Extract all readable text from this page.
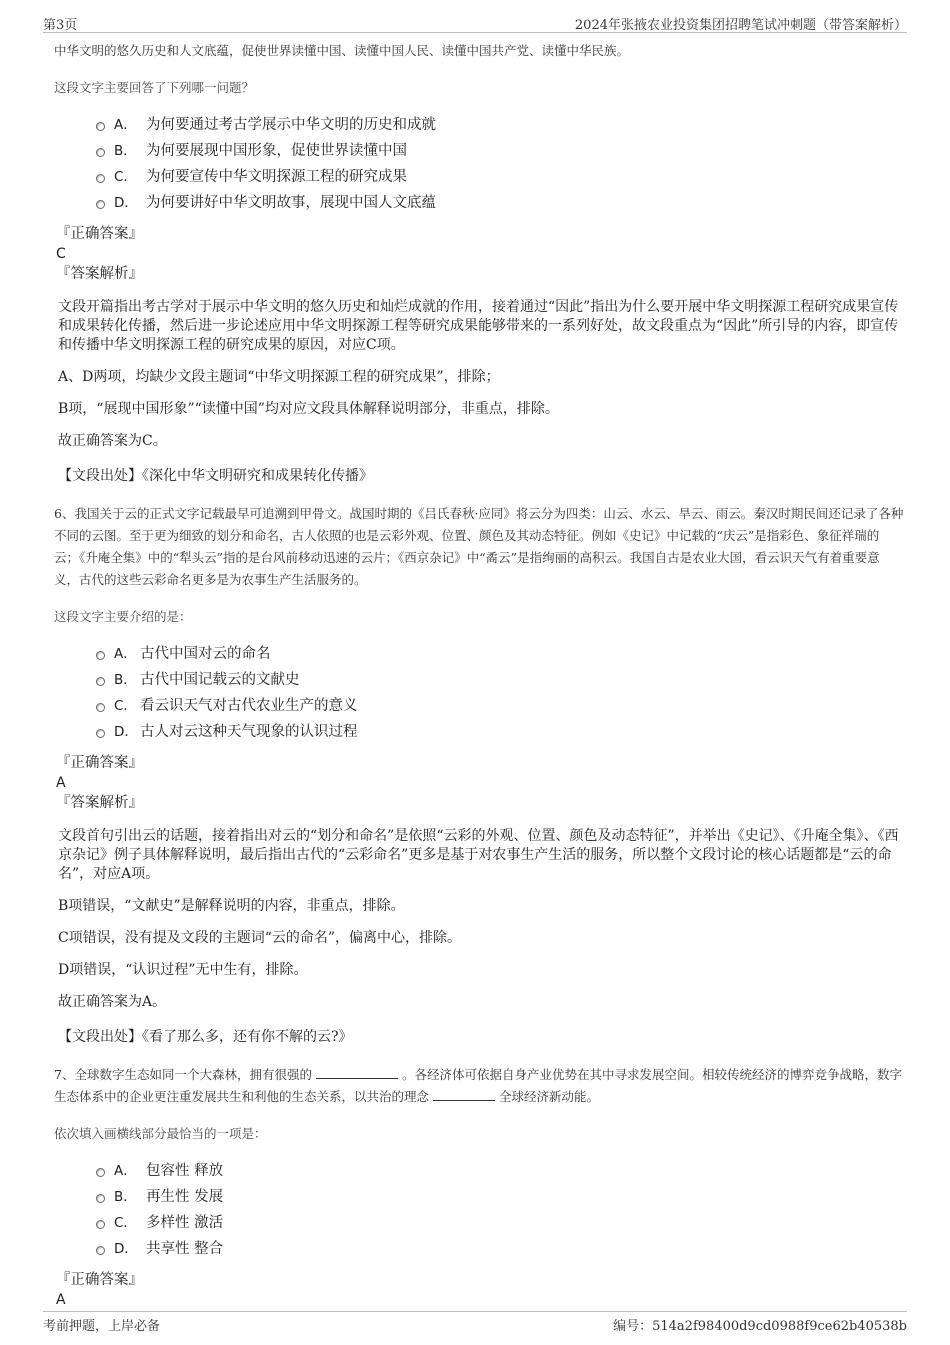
第3页	2024年张掖农业投资集团招聘笔试冲刺题（带答案解析）

中华文明的悠久历史和人文底蕴，促使世界读懂中国、读懂中国人民、读懂中国共产党、读懂中华民族。

这段文字主要回答了下列哪一问题？

A． 为何要通过考古学展示中华文明的历史和成就
B． 为何要展现中国形象，促使世界读懂中国
C． 为何要宣传中华文明探源工程的研究成果
D． 为何要讲好中华文明故事，展现中国人文底蕴
『正确答案』
C
『答案解析』

文段开篇指出考古学对于展示中华文明的悠久历史和灿烂成就的作用，接着通过“因此”指出为什么要开展中华文明探源工程研究成果宣传和成果转化传播，然后进一步论述应用中华文明探源工程等研究成果能够带来的一系列好处，故文段重点为“因此”所引导的内容，即宣传和传播中华文明探源工程的研究成果的原因，对应C项。

A、D两项，均缺少文段主题词“中华文明探源工程的研究成果”，排除；

B项，“展现中国形象”“读懂中国”均对应文段具体解释说明部分，非重点，排除。

故正确答案为C。

【文段出处】《深化中华文明研究和成果转化传播》

6、我国关于云的正式文字记载最早可追溯到甲骨文。战国时期的《吕氏春秋·应同》将云分为四类：山云、水云、旱云、雨云。秦汉时期民间还记录了各种不同的云图。至于更为细致的划分和命名，古人依照的也是云彩外观、位置、颜色及其动态特征。例如《史记》中记载的“庆云”是指彩色、象征祥瑞的云；《升庵全集》中的“犁头云”指的是台风前移动迅速的云片；《西京杂记》中“矞云”是指绚丽的高积云。我国自古是农业大国，看云识天气有着重要意义，古代的这些云彩命名更多是为农事生产生活服务的。

这段文字主要介绍的是：

A． 古代中国对云的命名
B． 古代中国记载云的文献史
C． 看云识天气对古代农业生产的意义
D． 古人对云这种天气现象的认识过程
『正确答案』
A
『答案解析』

文段首句引出云的话题，接着指出对云的“划分和命名”是依照“云彩的外观、位置、颜色及动态特征”，并举出《史记》、《升庵全集》、《西京杂记》例子具体解释说明，最后指出古代的“云彩命名”更多是基于对农事生产生活的服务，所以整个文段讨论的核心话题都是“云的命名”，对应A项。

B项错误，“文献史”是解释说明的内容，非重点，排除。

C项错误，没有提及文段的主题词“云的命名”，偏离中心，排除。

D项错误，“认识过程”无中生有，排除。

故正确答案为A。

【文段出处】《看了那么多，还有你不解的云?》

7、全球数字生态如同一个大森林，拥有很强的	。各经济体可依据自身产业优势在其中寻求发展空间。相较传统经济的博弈竞争战略，数字生态体系中的企业更注重发展共生和利他的生态关系，以共治的理念	全球经济新动能。

依次填入画横线部分最恰当的一项是：

A． 包容性 释放
B． 再生性 发展
C． 多样性 激活
D． 共享性 整合
『正确答案』
A
考前押题，上岸必备	编号：514a2f98400d9cd0988f9ce62b40538b
